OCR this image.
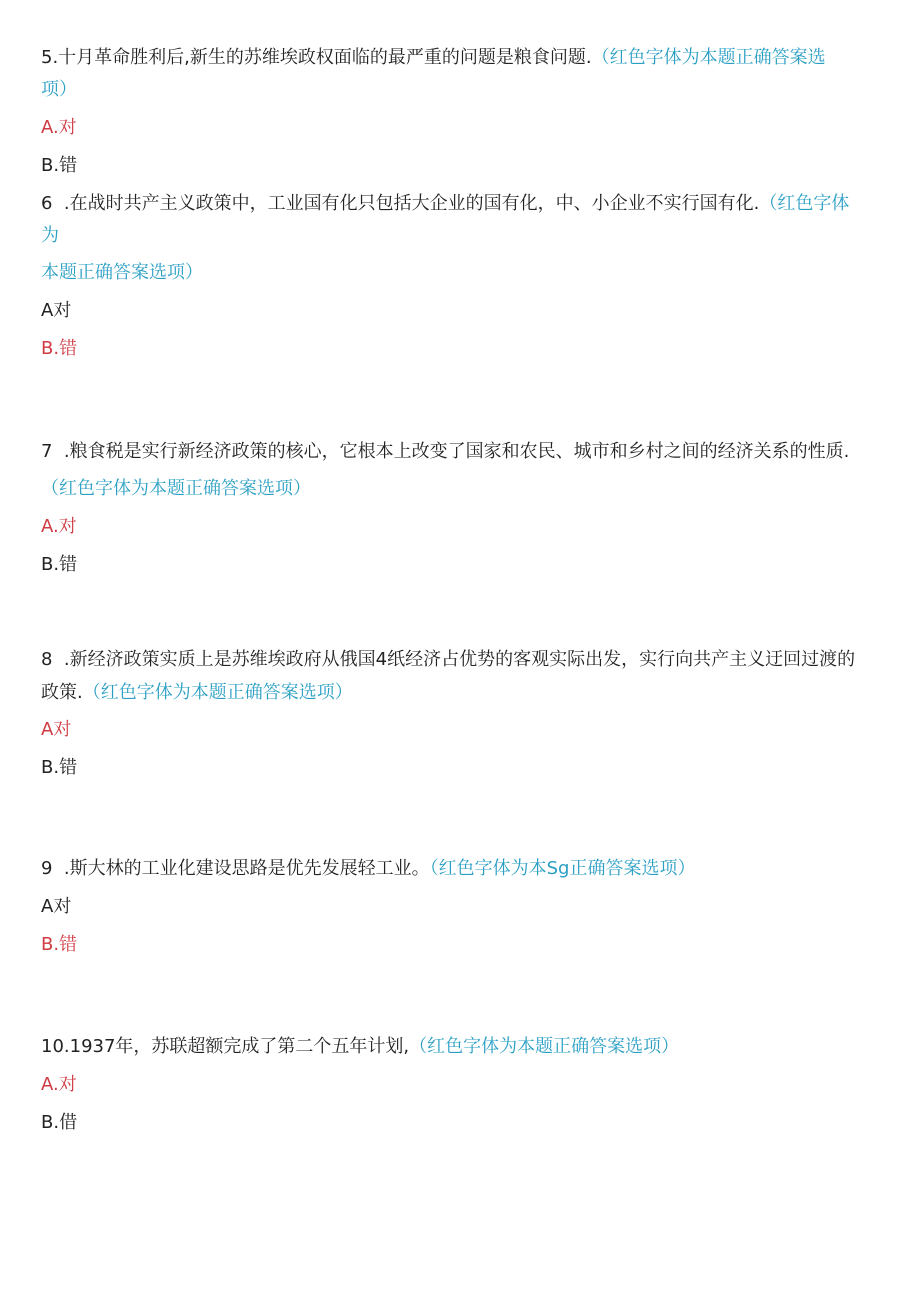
5.十月革命胜利后,新生的苏维埃政权面临的最严重的问题是粮食问题.（红色字体为本题正确答案选
项）
A.对
B.错
6  .在战时共产主义政策中，工业国有化只包括大企业的国有化，中、小企业不实行国有化.（红色字体
为
本题正确答案选项）
A对
B.错
7  .粮食税是实行新经济政策的核心，它根本上改变了国家和农民、城市和乡村之间的经济关系的性质.
（红色字体为本题正确答案选项）
A.对
B.错
8  .新经济政策实质上是苏维埃政府从俄国4纸经济占优势的客观实际出发，实行向共产主义迂回过渡的
政策.（红色字体为本题正确答案选项）
A对
B.错
9  .斯大林的工业化建设思路是优先发展轻工业。（红色字体为本Sg正确答案选项）
A对
B.错
10.1937年，苏联超额完成了第二个五年计划,（红色字体为本题正确答案选项）
A.对
B.借
